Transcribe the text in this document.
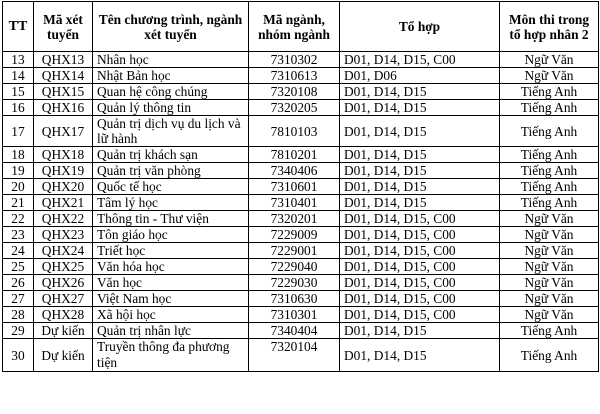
TT	Mã xét tuyển	Tên chương trình, ngành xét tuyển	Mã ngành, nhóm ngành	Tổ hợp	Môn thi trong tổ hợp nhân 2
13	QHX13	Nhân học	7310302	D01, D14, D15, C00	Ngữ Văn
14	QHX14	Nhật Bản học	7310613	D01, D06	Ngữ Văn
15	QHX15	Quan hệ công chúng	7320108	D01, D14, D15	Tiếng Anh
16	QHX16	Quản lý thông tin	7320205	D01, D14, D15	Tiếng Anh
17	QHX17	Quản trị dịch vụ du lịch và lữ hành	7810103	D01, D14, D15	Tiếng Anh
18	QHX18	Quản trị khách sạn	7810201	D01, D14, D15	Tiếng Anh
19	QHX19	Quản trị văn phòng	7340406	D01, D14, D15	Tiếng Anh
20	QHX20	Quốc tế học	7310601	D01, D14, D15	Tiếng Anh
21	QHX21	Tâm lý học	7310401	D01, D14, D15	Tiếng Anh
22	QHX22	Thông tin - Thư viện	7320201	D01, D14, D15, C00	Ngữ Văn
23	QHX23	Tôn giáo học	7229009	D01, D14, D15, C00	Ngữ Văn
24	QHX24	Triết học	7229001	D01, D14, D15, C00	Ngữ Văn
25	QHX25	Văn hóa học	7229040	D01, D14, D15, C00	Ngữ Văn
26	QHX26	Văn học	7229030	D01, D14, D15, C00	Ngữ Văn
27	QHX27	Việt Nam học	7310630	D01, D14, D15, C00	Ngữ Văn
28	QHX28	Xã hội học	7310301	D01, D14, D15, C00	Ngữ Văn
29	Dự kiến	Quản trị nhân lực	7340404	D01, D14, D15	Tiếng Anh
30	Dự kiến	Truyền thông đa phương tiện	7320104	D01, D14, D15	Tiếng Anh
